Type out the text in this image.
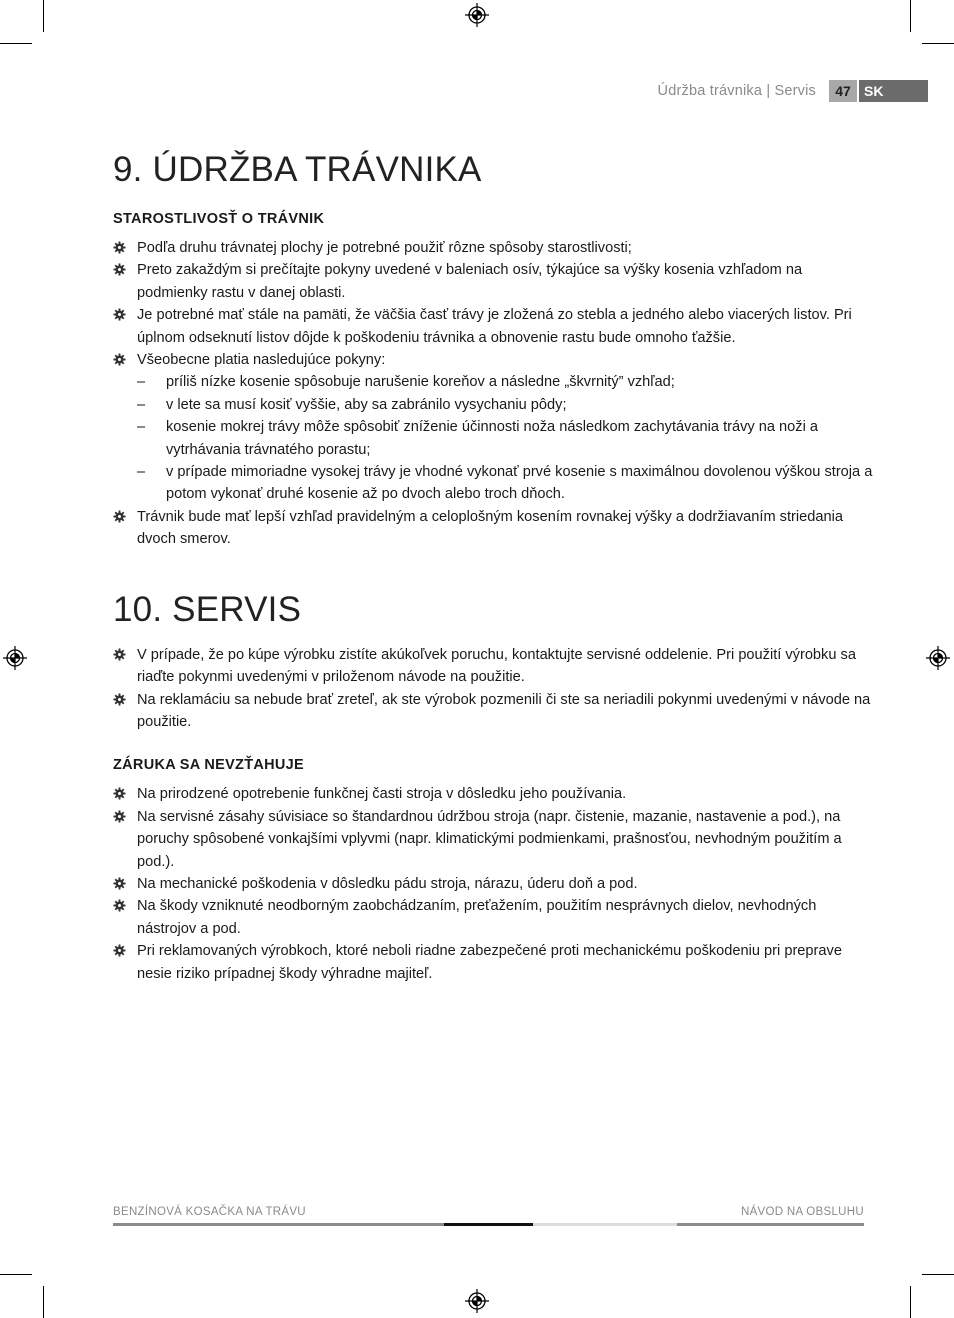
Údržba trávnika | Servis	47 SK
9. ÚDRŽBA TRÁVNIKA
STAROSTLIVOSŤ O TRÁVNIK
Podľa druhu trávnatej plochy je potrebné použiť rôzne spôsoby starostlivosti;
Preto zakaždým si prečítajte pokyny uvedené v baleniach osív, týkajúce sa výšky kosenia vzhľadom na podmienky rastu v danej oblasti.
Je potrebné mať stále na pamäti, že väčšia časť trávy je zložená zo stebla a jedného alebo viacerých listov. Pri úplnom odseknutí listov dôjde k poškodeniu trávnika a obnovenie rastu bude omnoho ťažšie.
Všeobecne platia nasledujúce pokyny:
– príliš nízke kosenie spôsobuje narušenie koreňov a následne „škvrnitý” vzhľad;
– v lete sa musí kosiť vyššie, aby sa zabránilo vysychaniu pôdy;
– kosenie mokrej trávy môže spôsobiť zníženie účinnosti noža následkom zachytávania trávy na noži a vytrhávania trávnatého porastu;
– v prípade mimoriadne vysokej trávy je vhodné vykonať prvé kosenie s maximálnou dovolenou výškou stroja a potom vykonať druhé kosenie až po dvoch alebo troch dňoch.
Trávnik bude mať lepší vzhľad pravidelným a celoplošným kosením rovnakej výšky a dodržiavaním striedania dvoch smerov.
10. SERVIS
V prípade, že po kúpe výrobku zistíte akúkoľvek poruchu, kontaktujte servisné oddelenie. Pri použití výrobku sa riaďte pokynmi uvedenými v priloženom návode na použitie.
Na reklamáciu sa nebude brať zreteľ, ak ste výrobok pozmenili či ste sa neriadili pokynmi uvedenými v návode na použitie.
ZÁRUKA SA NEVZŤAHUJE
Na prirodzené opotrebenie funkčnej časti stroja v dôsledku jeho používania.
Na servisné zásahy súvisiace so štandardnou údržbou stroja (napr. čistenie, mazanie, nastavenie a pod.), na poruchy spôsobené vonkajšími vplyvmi (napr. klimatickými podmienkami, prašnosťou, nevhodným použitím a pod.).
Na mechanické poškodenia v dôsledku pádu stroja, nárazu, úderu doň a pod.
Na škody vzniknuté neodborným zaobchádzaním, preťažením, použitím nesprávnych dielov, nevhodných nástrojov a pod.
Pri reklamovaných výrobkoch, ktoré neboli riadne zabezpečené proti mechanickému poškodeniu pri preprave nesie riziko prípadnej škody výhradne majiteľ.
BENZÍNOVÁ KOSAČKA NA TRÁVU	NÁVOD NA OBSLUHU
